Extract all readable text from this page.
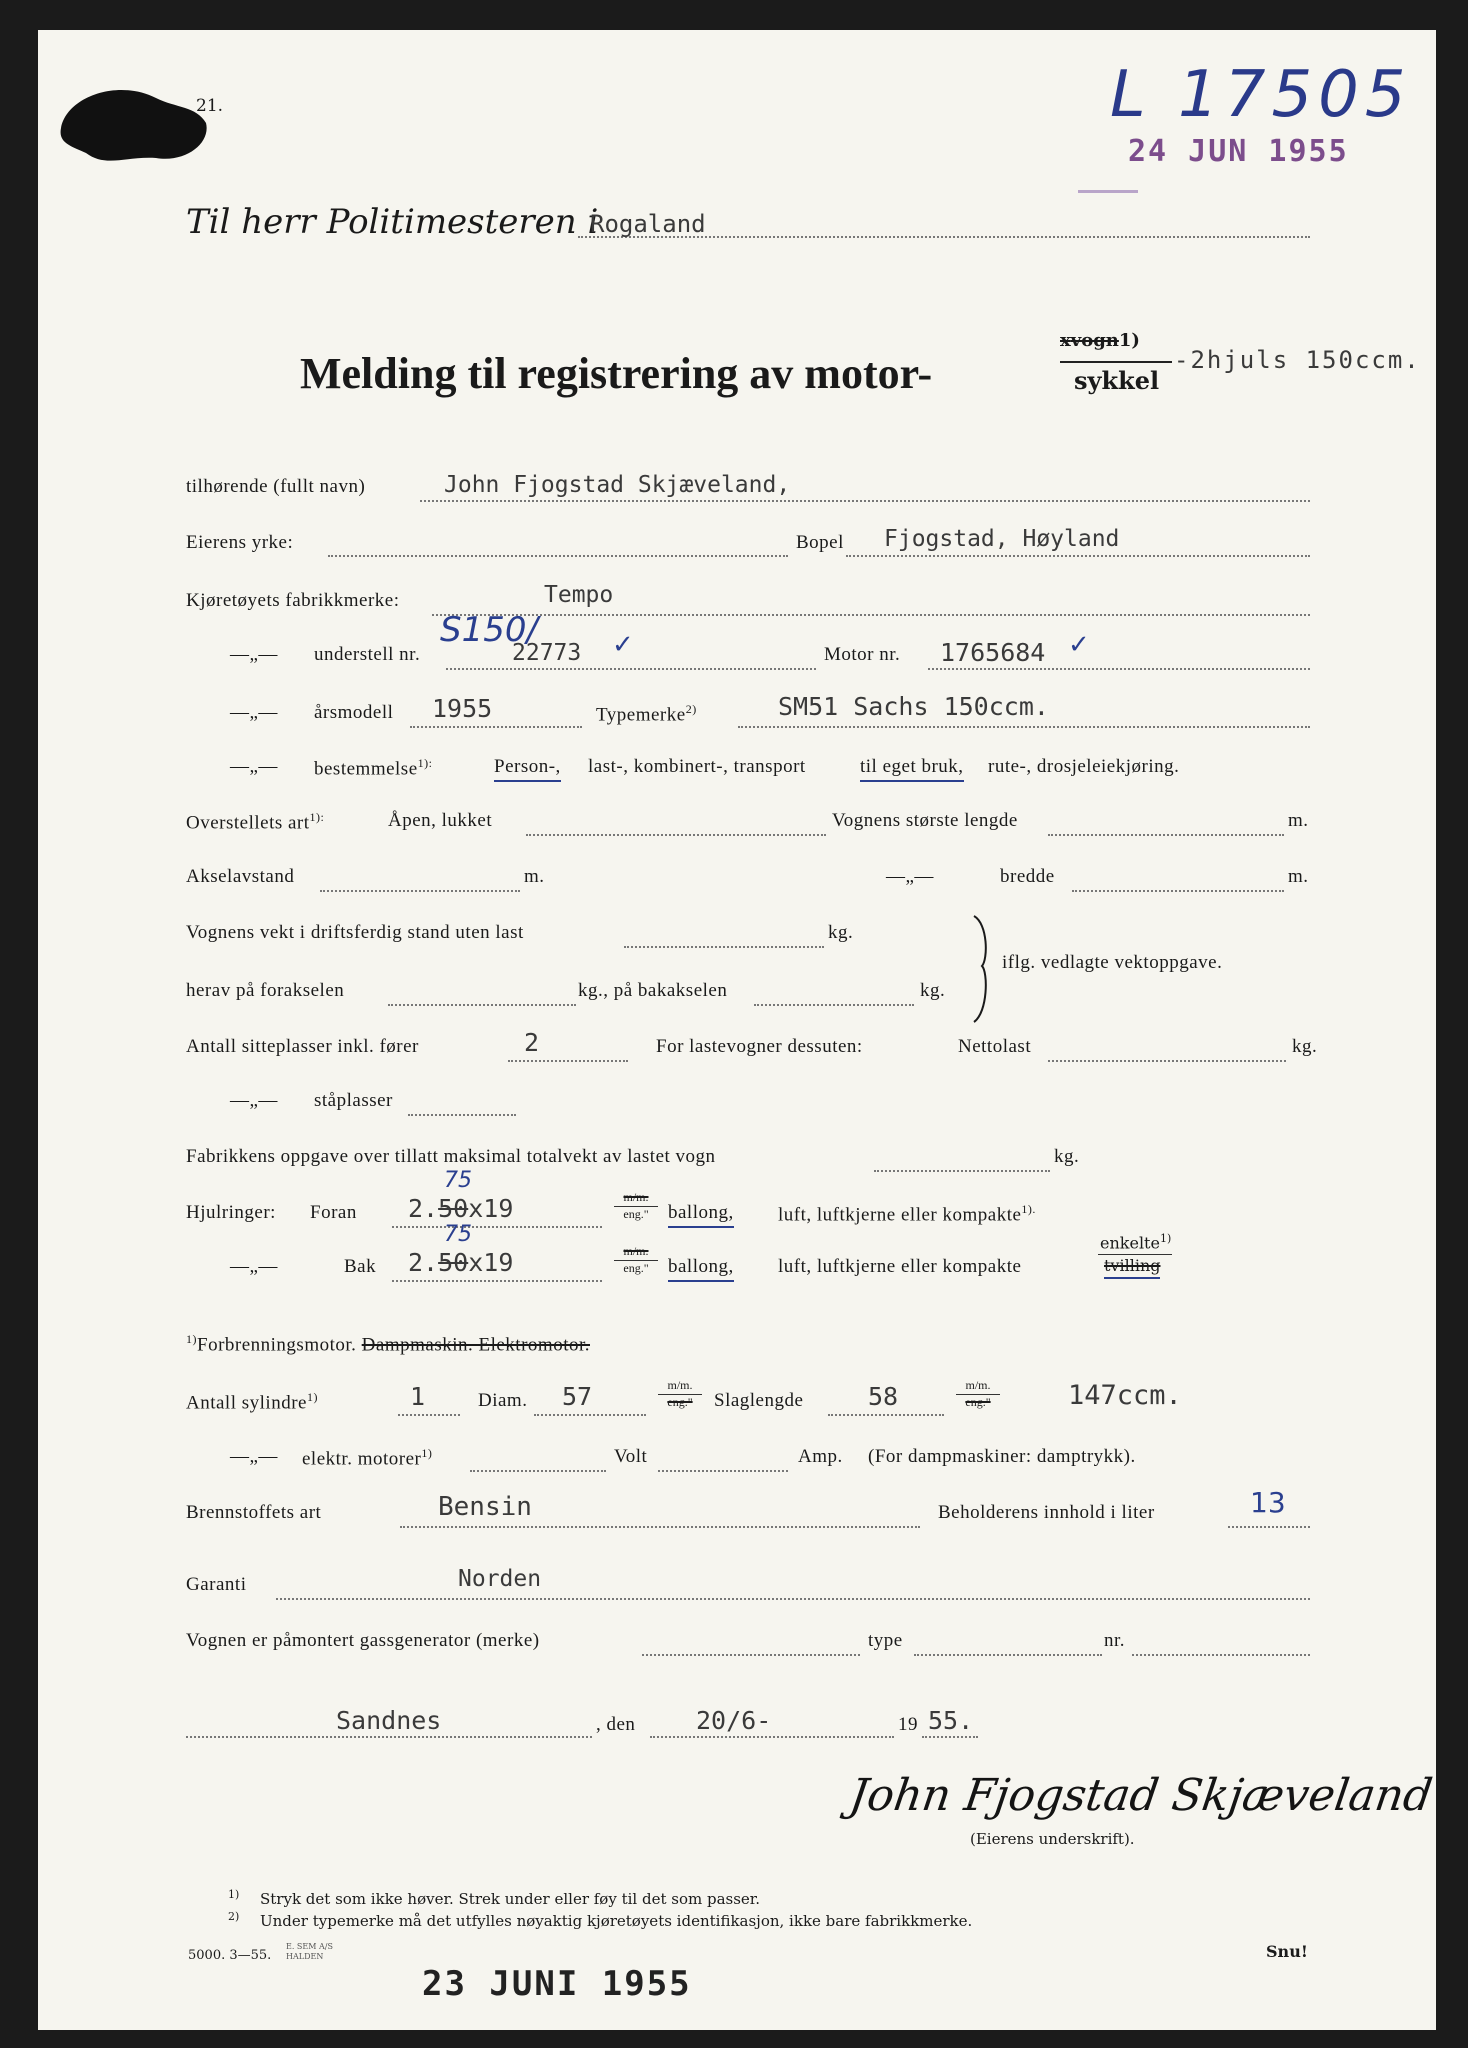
21.	L 17505
24 JUN 1955
Til herr Politimesteren i
Rogaland
Melding til registrering av motor-
xvogn1)
sykkel
-2hjuls 150ccm.
tilhørende (fullt navn)	John Fjogstad Skjæveland,
Eierens yrke:	Bopel Fjogstad, Høyland
Kjøretøyets fabrikkmerke:	Tempo
—„— understell nr.
S150/
22773 ✓	Motor nr. 1765684 ✓
—„— årsmodell 1955	Typemerke$^{2)}$	SM51 Sachs 150ccm.
—„— bestemmelse$^{1):}$	Person-, last-, kombinert-, transport	til eget bruk, rute-, drosjeleiekjøring.
Overstellets art$^{1):}$	Åpen, lukket	Vognens største lengde	m.
Akselavstand	m.	—„—	bredde	m.
Vognens vekt i driftsferdig stand uten last	kg.
herav på forakselen	kg., på bakakselen	kg.
iflg. vedlagte vektoppgave.
Antall sitteplasser inkl. fører	2	For lastevogner dessuten:	Nettolast	kg.
—„— ståplasser
Fabrikkens oppgave over tillatt maksimal totalvekt av lastet vogn	kg.
Hjulringer: Foran
75
2.50x19	m/m.
eng."	ballong, luft, luftkjerne eller kompakte$^{1).}$
—„—	Bak
75
2.50x19	m/m.
eng."	ballong, luft, luftkjerne eller kompakte
enkelte$^{1)}$
tvilling
$^{1)}$Forbrenningsmotor. Dampmaskin. Elektromotor.
Antall sylindre$^{1)}$	1	Diam. 57	m/m.
eng."	Slaglengde	58	m/m.
eng."	147ccm.
—„— elektr. motorer$^{1)}$	Volt	Amp. (For dampmaskiner: damptrykk).
Brennstoffets art	Bensin	Beholderens innhold i liter	13
Garanti	Norden
Vognen er påmontert gassgenerator (merke)	type	nr.
Sandnes	, den 20/6-	19 55.
John Fjogstad Skjæveland
(Eierens underskrift).
1) Stryk det som ikke høver. Strek under eller føy til det som passer.
2) Under typemerke må det utfylles nøyaktig kjøretøyets identifikasjon, ikke bare fabrikkmerke.
5000. 3—55.
E. SEM A/S
HALDEN
23 JUNI 1955
Snu!
